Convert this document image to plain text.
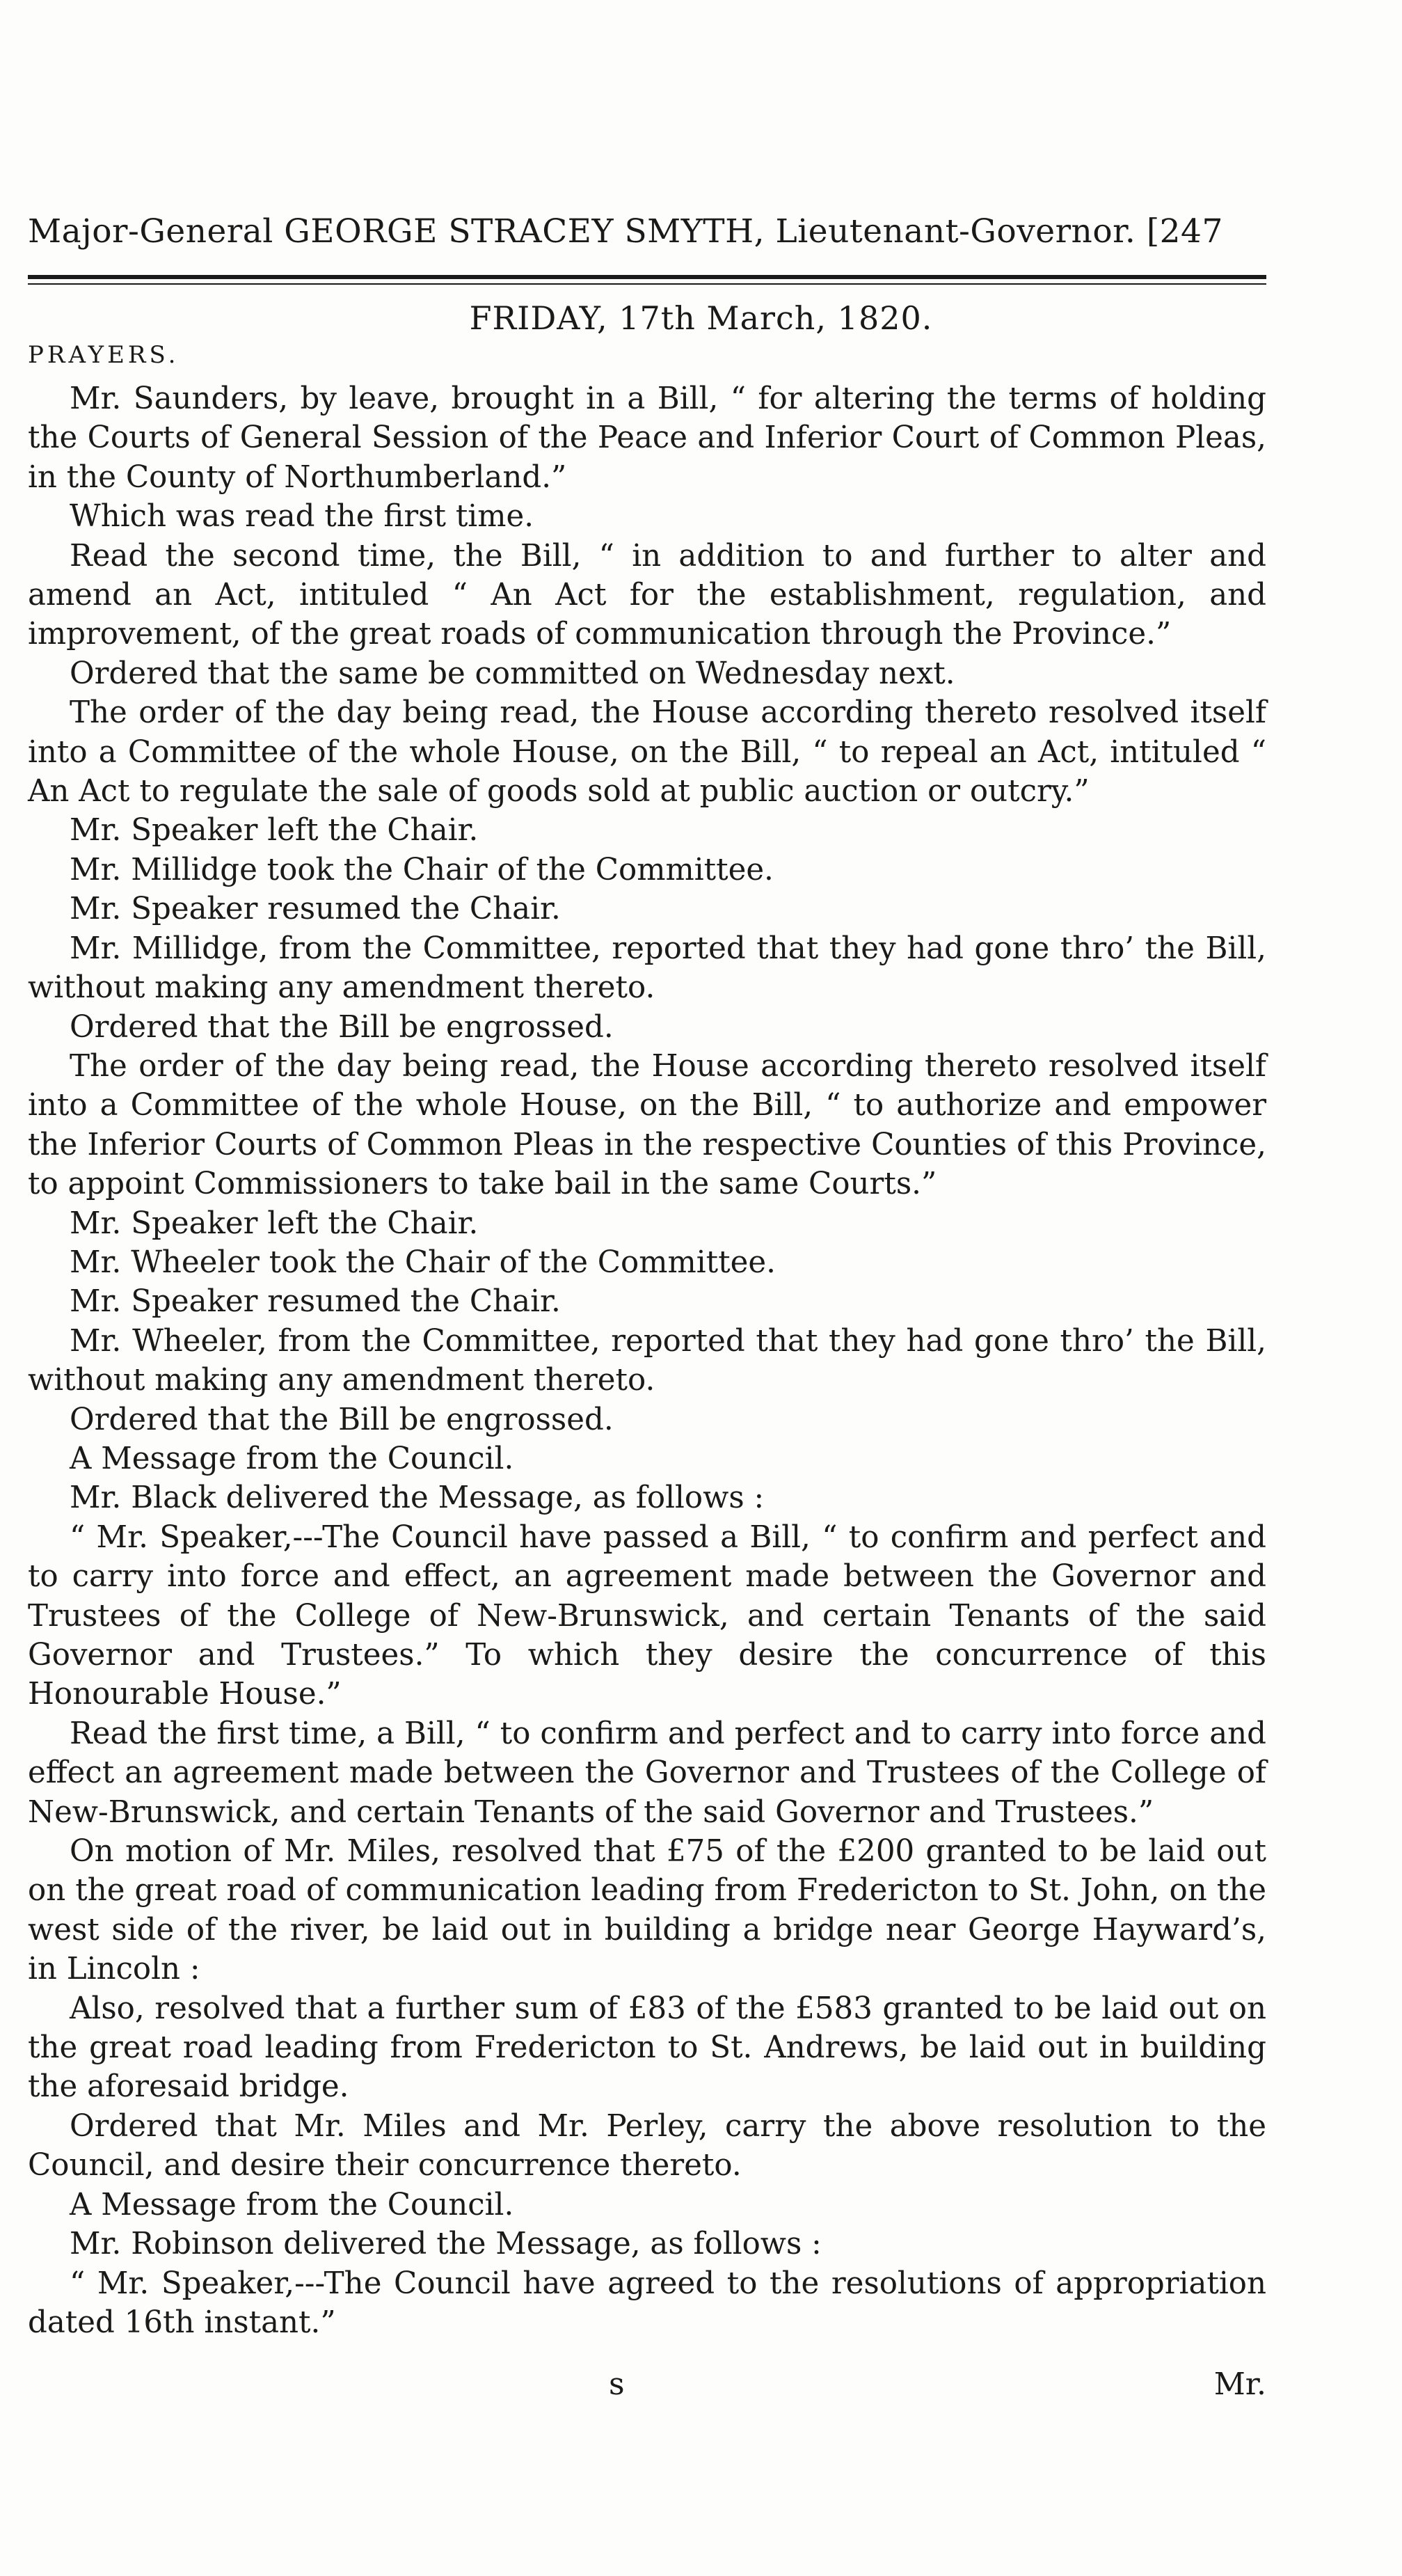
Major-General GEORGE STRACEY SMYTH, Lieutenant-Governor. [247
FRIDAY, 17th March, 1820.
PRAYERS.

Mr. Saunders, by leave, brought in a Bill, “ for altering the terms of holding the Courts of General Session of the Peace and Inferior Court of Common Pleas, in the County of Northumberland.”

Which was read the first time.

Read the second time, the Bill, “ in addition to and further to alter and amend an Act, intituled “ An Act for the establishment, regulation, and improvement, of the great roads of communication through the Province.”

Ordered that the same be committed on Wednesday next.

The order of the day being read, the House according thereto resolved itself into a Committee of the whole House, on the Bill, “ to repeal an Act, intituled “ An Act to regulate the sale of goods sold at public auction or outcry.”

Mr. Speaker left the Chair.

Mr. Millidge took the Chair of the Committee.

Mr. Speaker resumed the Chair.

Mr. Millidge, from the Committee, reported that they had gone thro’ the Bill, without making any amendment thereto.

Ordered that the Bill be engrossed.

The order of the day being read, the House according thereto resolved itself into a Committee of the whole House, on the Bill, “ to authorize and empower the Inferior Courts of Common Pleas in the respective Counties of this Province, to appoint Commissioners to take bail in the same Courts.”

Mr. Speaker left the Chair.

Mr. Wheeler took the Chair of the Committee.

Mr. Speaker resumed the Chair.

Mr. Wheeler, from the Committee, reported that they had gone thro’ the Bill, without making any amendment thereto.

Ordered that the Bill be engrossed.

A Message from the Council.

Mr. Black delivered the Message, as follows :

“ Mr. Speaker,---The Council have passed a Bill, “ to confirm and perfect and to carry into force and effect, an agreement made between the Governor and Trustees of the College of New-Brunswick, and certain Tenants of the said Governor and Trustees.” To which they desire the concurrence of this Honourable House.”

Read the first time, a Bill, “ to confirm and perfect and to carry into force and effect an agreement made between the Governor and Trustees of the College of New-Brunswick, and certain Tenants of the said Governor and Trustees.”

On motion of Mr. Miles, resolved that £75 of the £200 granted to be laid out on the great road of communication leading from Fredericton to St. John, on the west side of the river, be laid out in building a bridge near George Hayward’s, in Lincoln :

Also, resolved that a further sum of £83 of the £583 granted to be laid out on the great road leading from Fredericton to St. Andrews, be laid out in building the aforesaid bridge.

Ordered that Mr. Miles and Mr. Perley, carry the above resolution to the Council, and desire their concurrence thereto.

A Message from the Council.

Mr. Robinson delivered the Message, as follows :

“ Mr. Speaker,---The Council have agreed to the resolutions of appropriation dated 16th instant.”

s	Mr.
